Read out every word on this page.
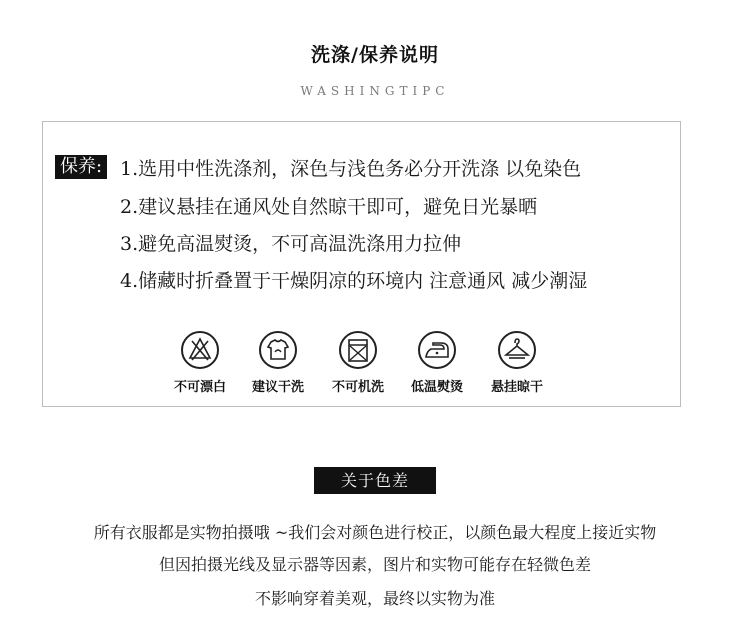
洗涤/保养说明
WASHINGTIPC
保养: 1.选用中性洗涤剂，深色与浅色务必分开洗涤 以免染色
2.建议悬挂在通风处自然晾干即可，避免日光暴晒
3.避免高温熨烫，不可高温洗涤用力拉伸
4.储藏时折叠置于干燥阴凉的环境内 注意通风 减少潮湿
不可漂白	建议干洗	不可机洗	低温熨烫	悬挂晾干
关于色差
所有衣服都是实物拍摄哦 ~我们会对颜色进行校正，以颜色最大程度上接近实物
但因拍摄光线及显示器等因素，图片和实物可能存在轻微色差
不影响穿着美观，最终以实物为准
